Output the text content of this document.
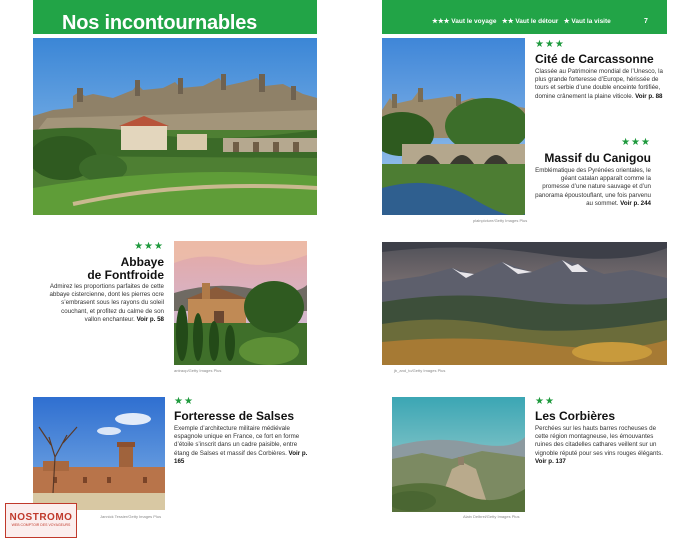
Nos incontournables
★★★
Abbaye
de Fontfroide
Admirez les proportions parfaites de cette abbaye cistercienne, dont les pierres ocre s’embrasent sous les rayons du soleil couchant, et profitez du calme de son vallon enchanteur. Voir p. 58
antraop/Getty Images Plus
Jannick Tessier/Getty Images Plus
★★
Forteresse de Salses
Exemple d’architecture militaire médiévale espagnole unique en France, ce fort en forme d’étoile s’inscrit dans un cadre paisible, entre étang de Salses et massif des Corbières. Voir p. 165
NOSTROMO
WEB COMPTOIR DES VOYAGEURS
★★★ Vaut le voyage ★★ Vaut le détour ★ Vaut la visite	7
plainpicture/Getty Images Plus
★★★
Cité de Carcassonne
Classée au Patrimoine mondial de l’Unesco, la plus grande forteresse d’Europe, hérissée de tours et serbie d’une double enceinte fortifiée, domine crânement la plaine viticole. Voir p. 88
★★★
Massif du Canigou
Emblématique des Pyrénées orientales, le géant catalan apparaît comme la promesse d’une nature sauvage et d’un panorama époustouflant, une fois parvenu au sommet. Voir p. 244
jb_and_to/Getty Images Plus
Alain Delbrel/Getty Images Plus
★★
Les Corbières
Perchées sur les hauts barres rocheuses de cette région montagneuse, les émouvantes ruines des citadelles cathares veillent sur un vignoble réputé pour ses vins rouges élégants. Voir p. 137
